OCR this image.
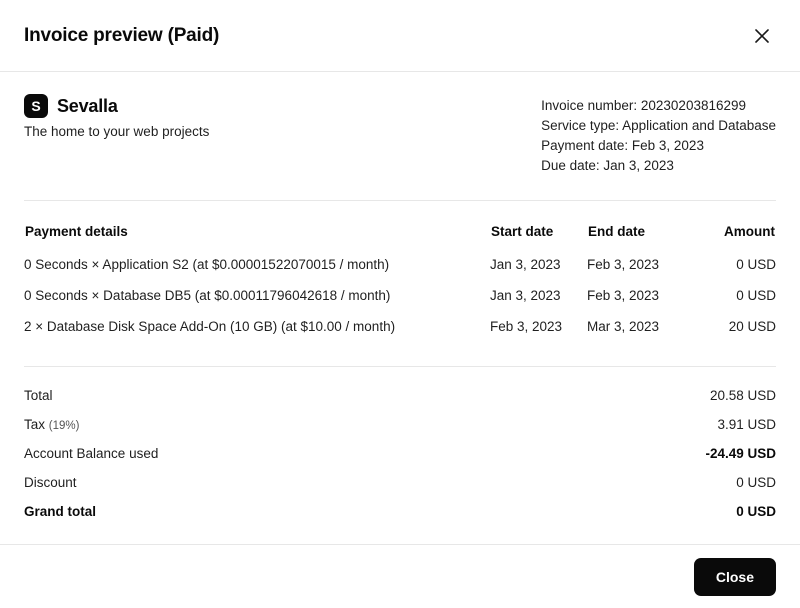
Invoice preview (Paid)
S Sevalla
The home to your web projects
Invoice number: 20230203816299
Service type: Application and Database
Payment date: Feb 3, 2023
Due date: Jan 3, 2023
Payment details	Start date	End date	Amount
0 Seconds × Application S2 (at $0.00001522070015 / month)	Jan 3, 2023	Feb 3, 2023	0 USD
0 Seconds × Database DB5 (at $0.00011796042618 / month)	Jan 3, 2023	Feb 3, 2023	0 USD
2 × Database Disk Space Add-On (10 GB) (at $10.00 / month)	Feb 3, 2023	Mar 3, 2023	20 USD
Total	20.58 USD
Tax (19%)	3.91 USD
Account Balance used	-24.49 USD
Discount	0 USD
Grand total	0 USD
Close
